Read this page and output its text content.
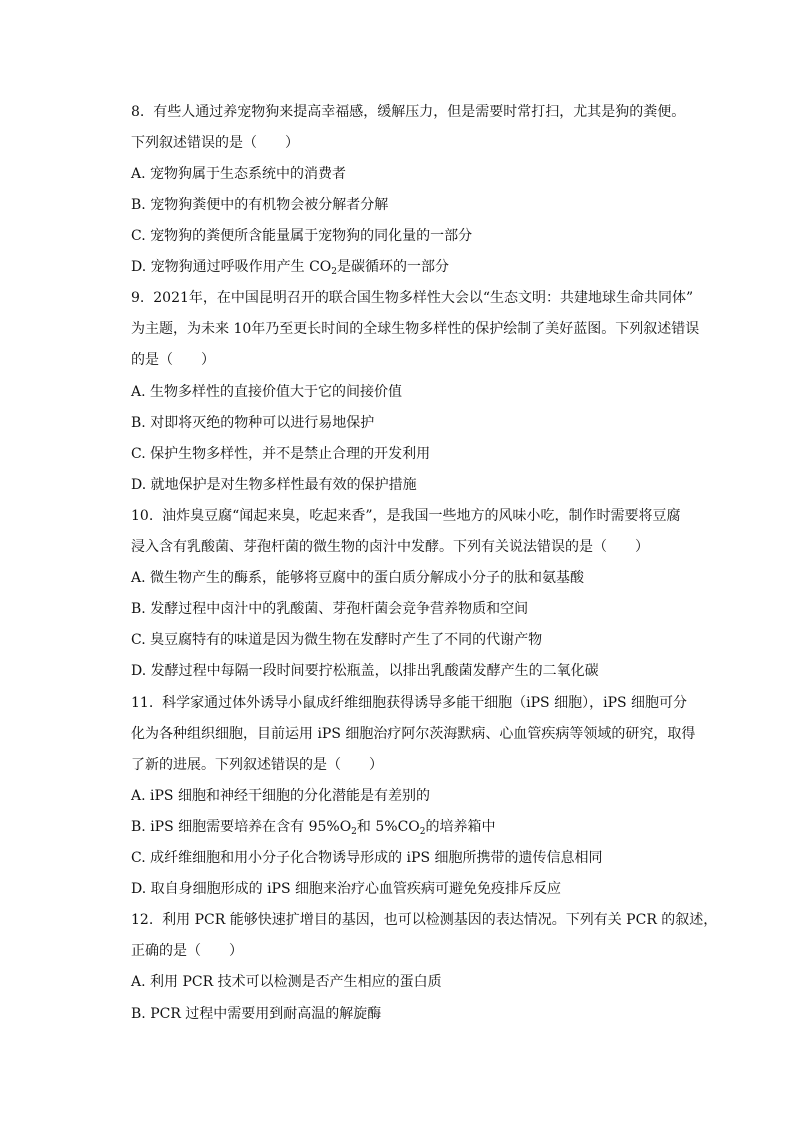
8.  有些人通过养宠物狗来提高幸福感，缓解压力，但是需要时常打扫，尤其是狗的粪便。
下列叙述错误的是（　　）
A. 宠物狗属于生态系统中的消费者
B. 宠物狗粪便中的有机物会被分解者分解
C. 宠物狗的粪便所含能量属于宠物狗的同化量的一部分
D. 宠物狗通过呼吸作用产生 $CO_2$是碳循环的一部分
9.  2021年，在中国昆明召开的联合国生物多样性大会以“生态文明：共建地球生命共同体”
为主题，为未来 10年乃至更长时间的全球生物多样性的保护绘制了美好蓝图。下列叙述错误
的是（　　）
A. 生物多样性的直接价值大于它的间接价值
B. 对即将灭绝的物种可以进行易地保护
C. 保护生物多样性，并不是禁止合理的开发利用
D. 就地保护是对生物多样性最有效的保护措施
10.  油炸臭豆腐“闻起来臭，吃起来香”，是我国一些地方的风味小吃，制作时需要将豆腐
浸入含有乳酸菌、芽孢杆菌的微生物的卤汁中发酵。下列有关说法错误的是（　　）
A. 微生物产生的酶系，能够将豆腐中的蛋白质分解成小分子的肽和氨基酸
B. 发酵过程中卤汁中的乳酸菌、芽孢杆菌会竞争营养物质和空间
C. 臭豆腐特有的味道是因为微生物在发酵时产生了不同的代谢产物
D. 发酵过程中每隔一段时间要拧松瓶盖，以排出乳酸菌发酵产生的二氧化碳
11.  科学家通过体外诱导小鼠成纤维细胞获得诱导多能干细胞（iPS 细胞），iPS 细胞可分
化为各种组织细胞，目前运用 iPS 细胞治疗阿尔茨海默病、心血管疾病等领域的研究，取得
了新的进展。下列叙述错误的是（　　）
A. iPS 细胞和神经干细胞的分化潜能是有差别的
B. iPS 细胞需要培养在含有 $95\%O_2$和 $5\%CO_2$的培养箱中
C. 成纤维细胞和用小分子化合物诱导形成的 iPS 细胞所携带的遗传信息相同
D. 取自身细胞形成的 iPS 细胞来治疗心血管疾病可避免免疫排斥反应
12.  利用 PCR 能够快速扩增目的基因，也可以检测基因的表达情况。下列有关 PCR 的叙述，
正确的是（　　）
A. 利用 PCR 技术可以检测是否产生相应的蛋白质
B. PCR 过程中需要用到耐高温的解旋酶
